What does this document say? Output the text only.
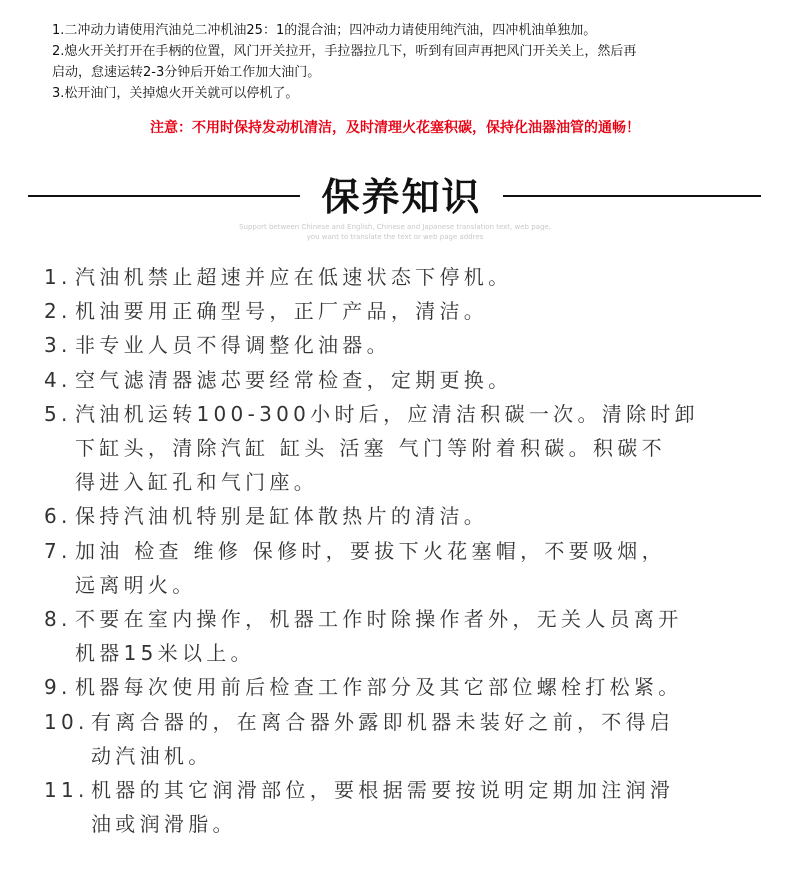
1.二冲动力请使用汽油兑二冲机油25：1的混合油；四冲动力请使用纯汽油，四冲机油单独加。
2.熄火开关打开在手柄的位置，风门开关拉开，手拉器拉几下，听到有回声再把风门开关关上，然后再
启动，怠速运转2-3分钟后开始工作加大油门。
3.松开油门，关掉熄火开关就可以停机了。
注意：不用时保持发动机清洁，及时清理火花塞积碳，保持化油器油管的通畅！
保养知识
Support between Chinese and English, Chinese and Japanese translation text, web page,
you want to translate the text or web page addres
1. 汽油机禁止超速并应在低速状态下停机。
2. 机油要用正确型号，正厂产品，清洁。
3. 非专业人员不得调整化油器。
4. 空气滤清器滤芯要经常检查，定期更换。
5. 汽油机运转100-300小时后，应清洁积碳一次。清除时卸
下缸头，清除汽缸 缸头 活塞 气门等附着积碳。积碳不
得进入缸孔和气门座。
6. 保持汽油机特别是缸体散热片的清洁。
7. 加油 检查 维修 保修时，要拔下火花塞帽，不要吸烟，
远离明火。
8. 不要在室内操作，机器工作时除操作者外，无关人员离开
机器15米以上。
9. 机器每次使用前后检查工作部分及其它部位螺栓打松紧。
10. 有离合器的，在离合器外露即机器未装好之前，不得启
动汽油机。
11. 机器的其它润滑部位，要根据需要按说明定期加注润滑
油或润滑脂。
